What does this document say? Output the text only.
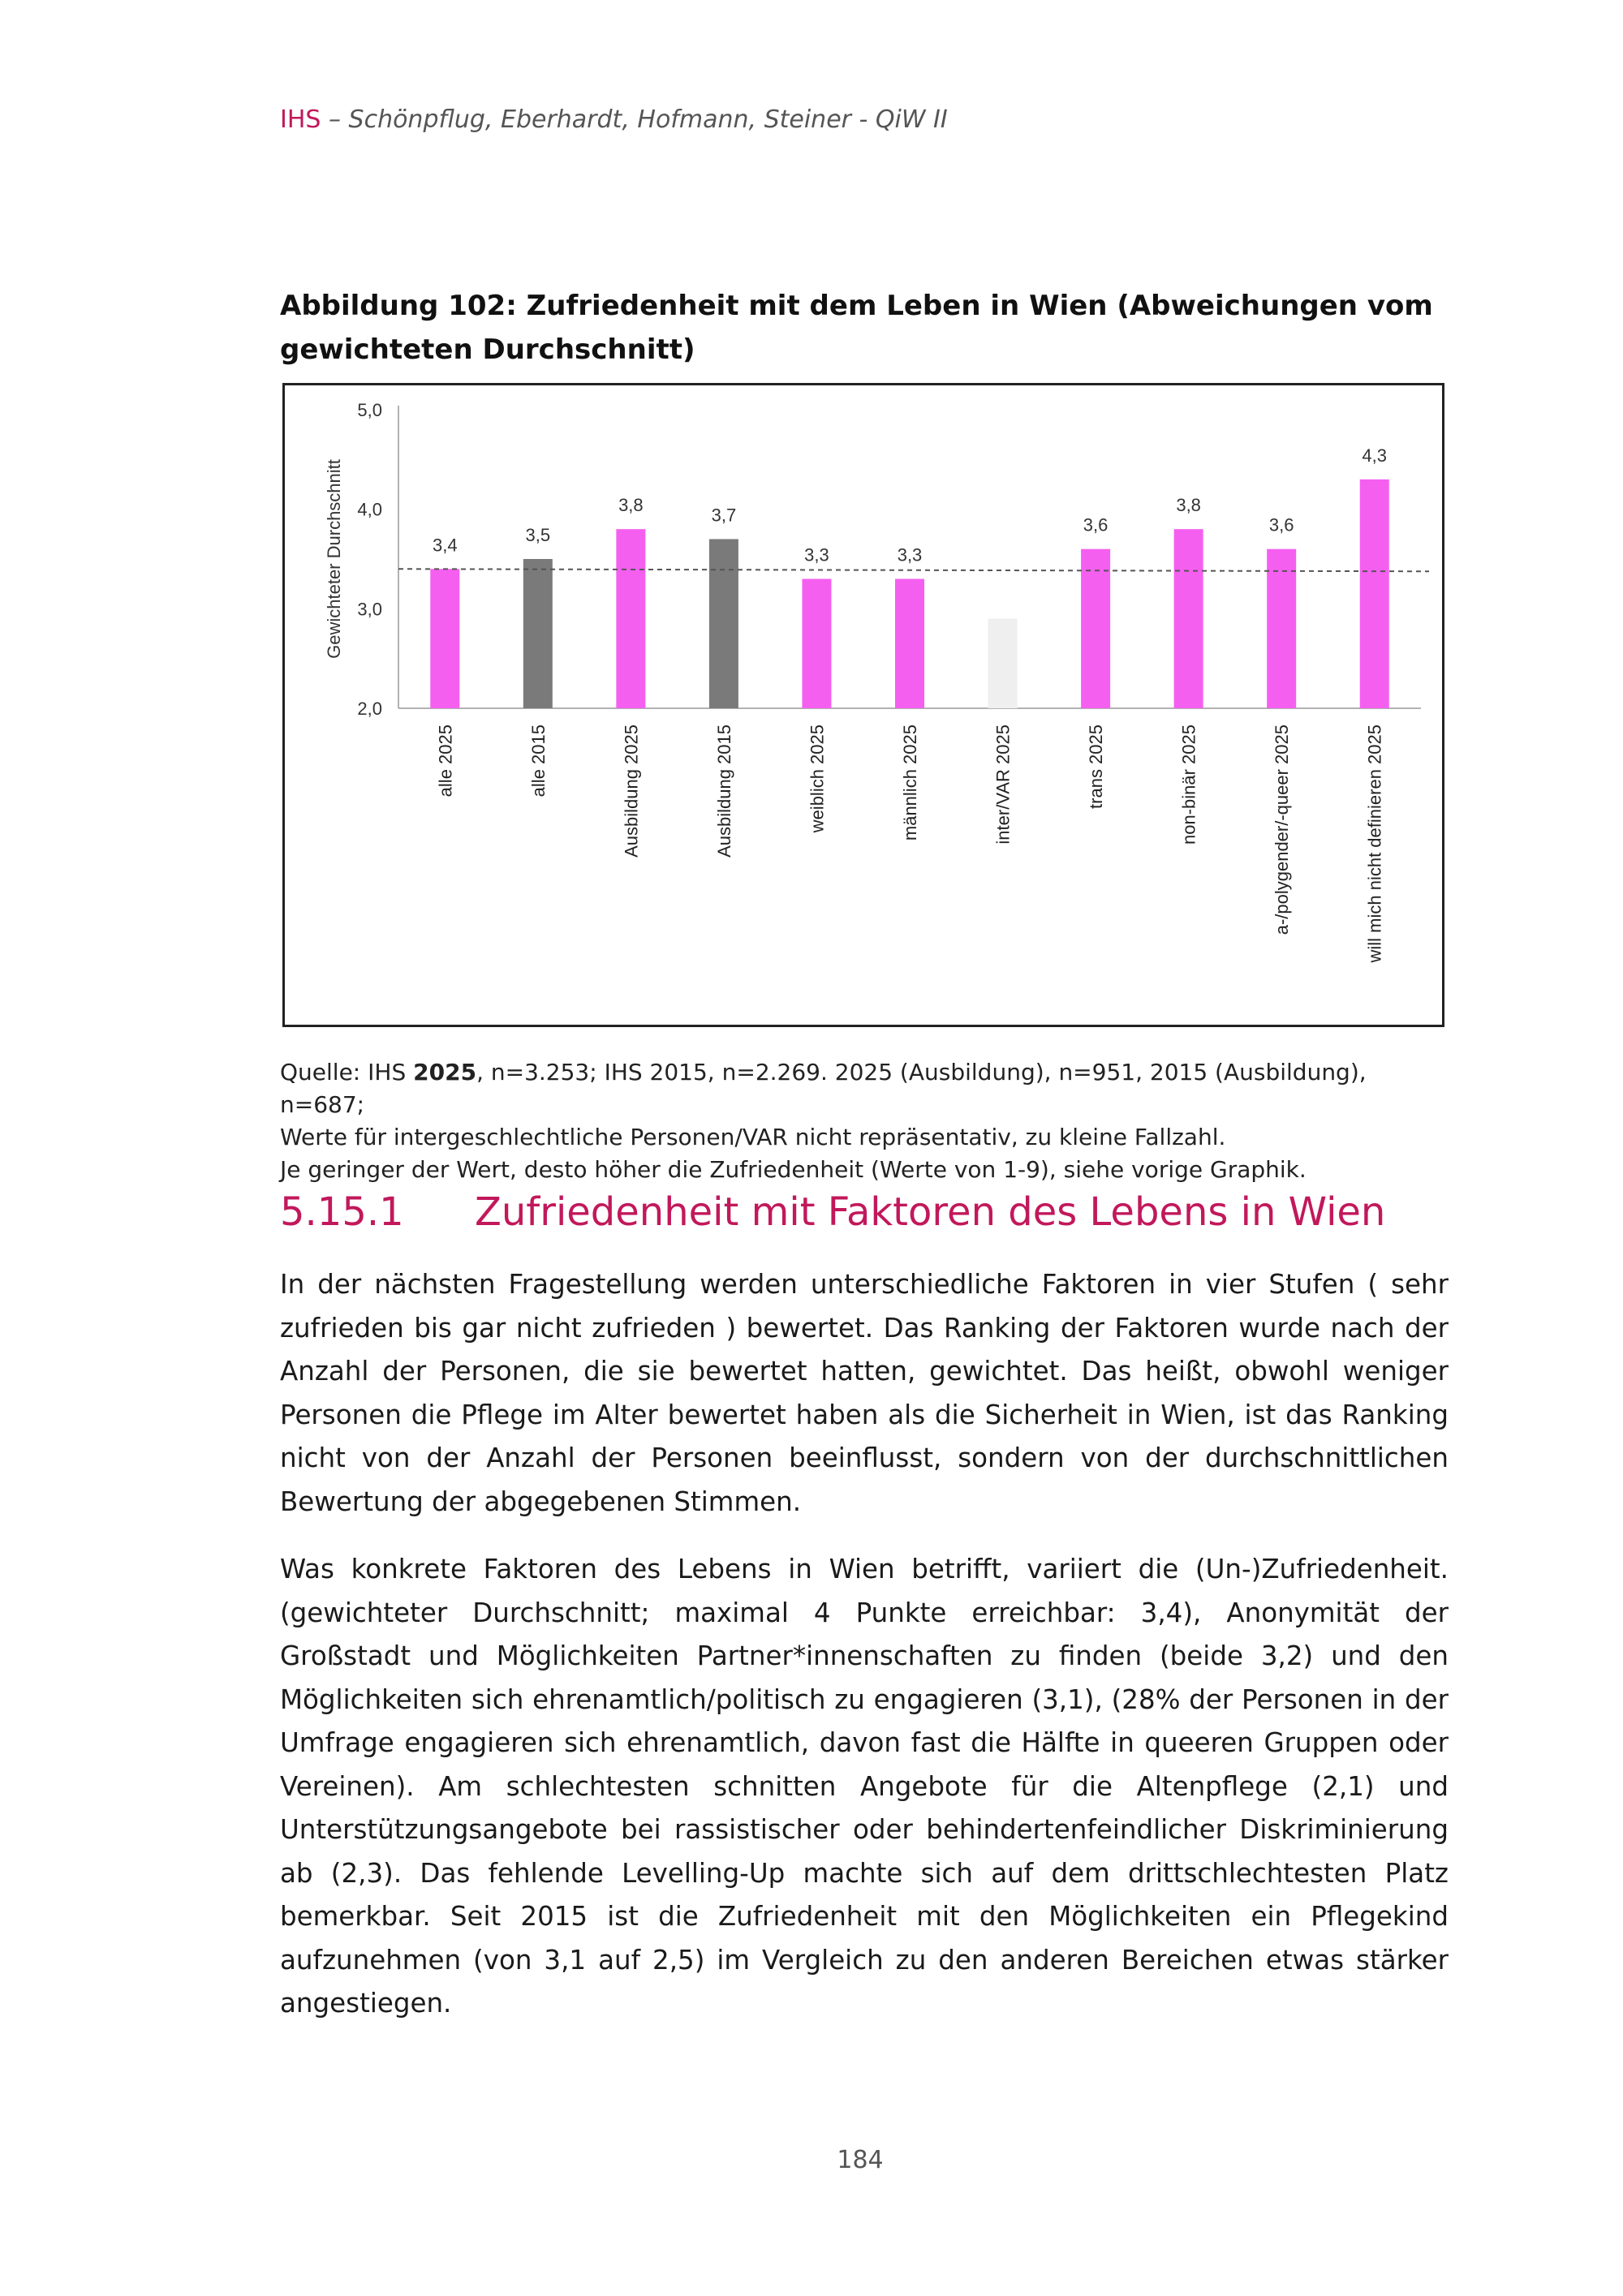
IHS – Schönpflug, Eberhardt, Hofmann, Steiner - QiW II
Abbildung 102: Zufriedenheit mit dem Leben in Wien (Abweichungen vom gewichteten Durchschnitt)
2,0
3,0
4,0
5,0
Gewichteter Durchschnitt	3,4
alle 2025
3,5
alle 2015
3,8
Ausbildung 2025
3,7
Ausbildung 2015
3,3
weiblich 2025
3,3
männlich 2025	inter/VAR 2025
3,6
trans 2025
3,8
non-binär 2025
3,6
a-/polygender/-queer 2025
4,3
will mich nicht definieren 2025
Quelle: IHS 2025, n=3.253; IHS 2015, n=2.269. 2025 (Ausbildung), n=951, 2015 (Ausbildung), n=687;
Werte für intergeschlechtliche Personen/VAR nicht repräsentativ, zu kleine Fallzahl.
Je geringer der Wert, desto höher die Zufriedenheit (Werte von 1-9), siehe vorige Graphik.
5.15.1 Zufriedenheit mit Faktoren des Lebens in Wien

In der nächsten Fragestellung werden unterschiedliche Faktoren in vier Stufen ( sehr zufrieden bis gar nicht zufrieden ) bewertet. Das Ranking der Faktoren wurde nach der Anzahl der Personen, die sie bewertet hatten, gewichtet. Das heißt, obwohl weniger Personen die Pflege im Alter bewertet haben als die Sicherheit in Wien, ist das Ranking nicht von der Anzahl der Personen beeinflusst, sondern von der durchschnittlichen Bewertung der abgegebenen Stimmen.

Was konkrete Faktoren des Lebens in Wien betrifft, variiert die (Un-)Zufriedenheit. (gewichteter Durchschnitt; maximal 4 Punkte erreichbar: 3,4), Anonymität der Großstadt und Möglichkeiten Partner*innenschaften zu finden (beide 3,2) und den Möglichkeiten sich ehrenamtlich/politisch zu engagieren (3,1), (28% der Personen in der Umfrage engagieren sich ehrenamtlich, davon fast die Hälfte in queeren Gruppen oder Vereinen). Am schlechtesten schnitten Angebote für die Altenpflege (2,1) und Unterstützungsangebote bei rassistischer oder behindertenfeindlicher Diskriminierung ab (2,3). Das fehlende Levelling-Up machte sich auf dem drittschlechtesten Platz bemerkbar. Seit 2015 ist die Zufriedenheit mit den Möglichkeiten ein Pflegekind aufzunehmen (von 3,1 auf 2,5) im Vergleich zu den anderen Bereichen etwas stärker angestiegen.

184
